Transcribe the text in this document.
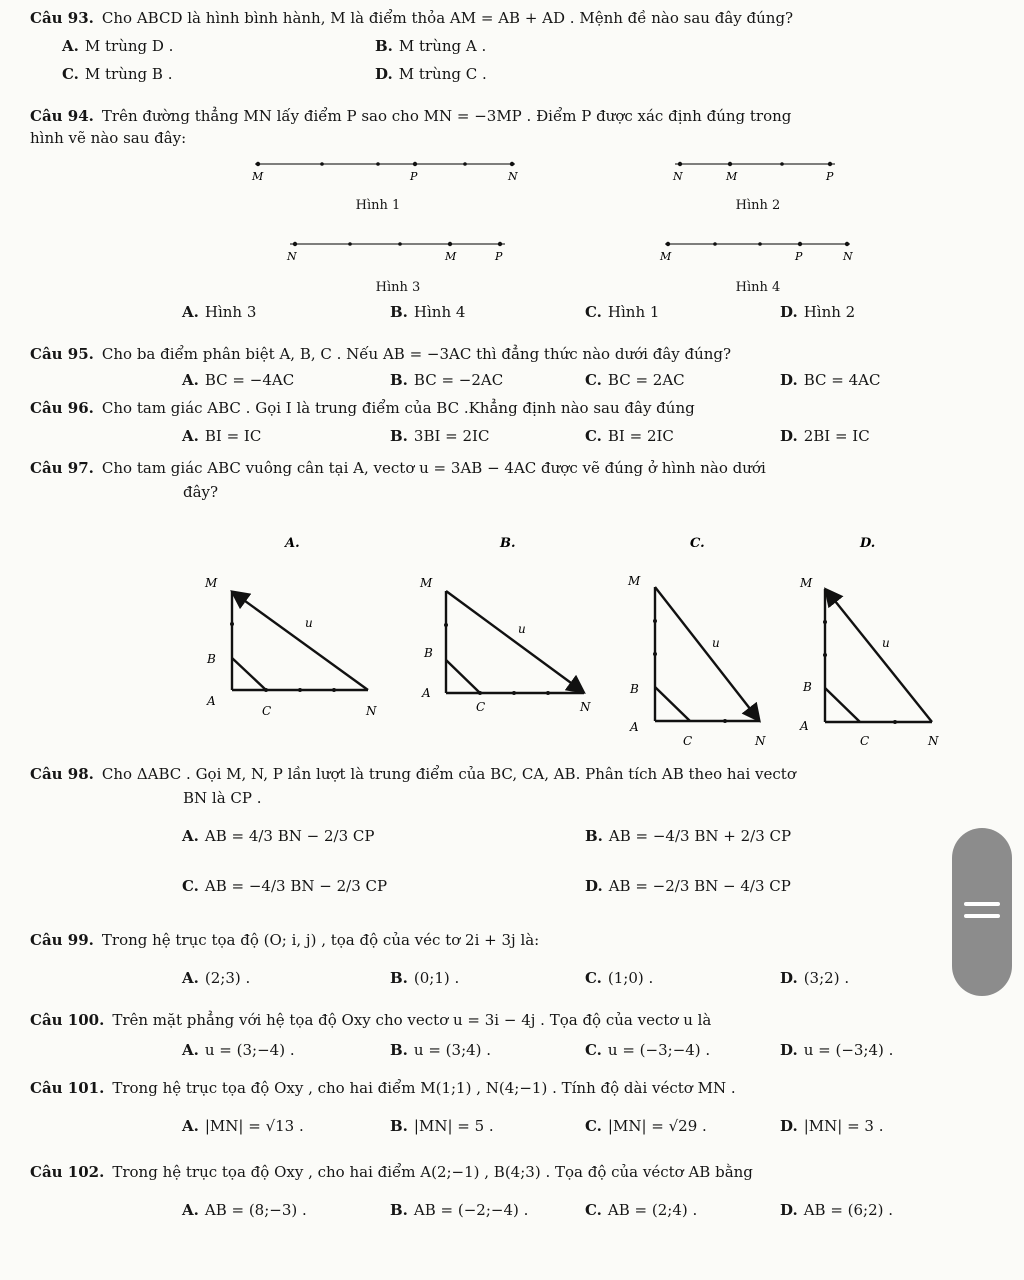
Câu 93. Cho ABCD là hình bình hành, M là điểm thỏa AM = AB + AD . Mệnh đề nào sau đây đúng?
A. M trùng D .	B. M trùng A .
C. M trùng B .	D. M trùng C .
Câu 94. Trên đường thẳng MN lấy điểm P sao cho MN = −3MP . Điểm P được xác định đúng trong
hình vẽ nào sau đây:
M	P	N	N	M	P
N	M	P	M	P	N
Hình 1	Hình 2
Hình 3	Hình 4
A. Hình 3	B. Hình 4	C. Hình 1	D. Hình 2
Câu 95. Cho ba điểm phân biệt A, B, C . Nếu AB = −3AC thì đẳng thức nào dưới đây đúng?
A. BC = −4AC	B. BC = −2AC	C. BC = 2AC	D. BC = 4AC
Câu 96. Cho tam giác ABC . Gọi I là trung điểm của BC .Khẳng định nào sau đây đúng
A. BI = IC	B. 3BI = 2IC	C. BI = 2IC	D. 2BI = IC
Câu 97. Cho tam giác ABC vuông cân tại A, vectơ u = 3AB − 4AC được vẽ đúng ở hình nào dưới
đây?
A.	B.	C.	D.
M
B
A
C	N
u
M
B
A
C	N
u
M
B
A
C	N
u
M
B
A
C	N
u
Câu 98. Cho ΔABC . Gọi M, N, P lần lượt là trung điểm của BC, CA, AB. Phân tích AB theo hai vectơ
BN là CP .
A. AB = 4/3 BN − 2/3 CP	B. AB = −4/3 BN + 2/3 CP
C. AB = −4/3 BN − 2/3 CP	D. AB = −2/3 BN − 4/3 CP
Câu 99. Trong hệ trục tọa độ (O; i, j) , tọa độ của véc tơ 2i + 3j là:
A. (2;3) .	B. (0;1) .	C. (1;0) .	D. (3;2) .
Câu 100. Trên mặt phẳng với hệ tọa độ Oxy cho vectơ u = 3i − 4j . Tọa độ của vectơ u là
A. u = (3;−4) .	B. u = (3;4) .	C. u = (−3;−4) .	D. u = (−3;4) .
Câu 101. Trong hệ trục tọa độ Oxy , cho hai điểm M(1;1) , N(4;−1) . Tính độ dài véctơ MN .
A. |MN| = √13 .	B. |MN| = 5 .	C. |MN| = √29 .	D. |MN| = 3 .
Câu 102. Trong hệ trục tọa độ Oxy , cho hai điểm A(2;−1) , B(4;3) . Tọa độ của véctơ AB bằng
A. AB = (8;−3) .	B. AB = (−2;−4) .	C. AB = (2;4) .	D. AB = (6;2) .
